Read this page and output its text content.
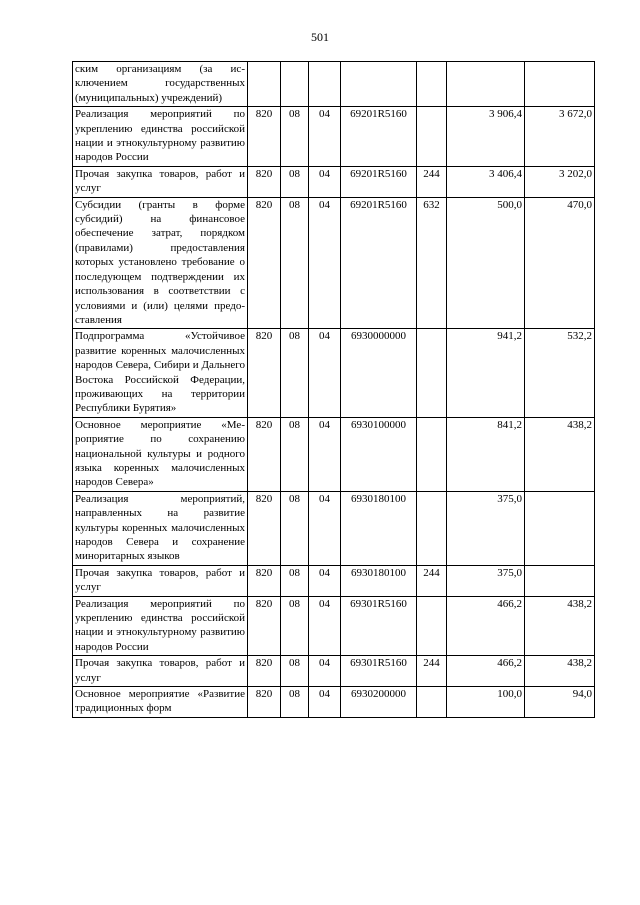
501
ским организациям (за исключением государственных (муниципальных) учреждений)							
Реализация мероприятий по укреплению единства российской нации и этнокультурному развитию народов России	820	08	04	69201R5160		3 906,4	3 672,0
Прочая закупка товаров, работ и услуг	820	08	04	69201R5160	244	3 406,4	3 202,0
Субсидии (гранты в форме субсидий) на финансовое обеспечение затрат, порядком (правилами) предоставления которых установлено требование о последующем подтверждении их использования в соответствии с условиями и (или) целями предоставления	820	08	04	69201R5160	632	500,0	470,0
Подпрограмма «Устойчивое развитие коренных малочисленных народов Севера, Сибири и Дальнего Востока Российской Федерации, проживающих на территории Республики Бурятия»	820	08	04	6930000000		941,2	532,2
Основное мероприятие «Мероприятие по сохранению национальной культуры и родного языка коренных малочисленных народов Севера»	820	08	04	6930100000		841,2	438,2
Реализация мероприятий, направленных на развитие культуры коренных малочисленных народов Севера и сохранение миноритарных языков	820	08	04	6930180100		375,0	
Прочая закупка товаров, работ и услуг	820	08	04	6930180100	244	375,0	
Реализация мероприятий по укреплению единства российской нации и этнокультурному развитию народов России	820	08	04	69301R5160		466,2	438,2
Прочая закупка товаров, работ и услуг	820	08	04	69301R5160	244	466,2	438,2
Основное мероприятие «Развитие традиционных форм	820	08	04	6930200000		100,0	94,0
